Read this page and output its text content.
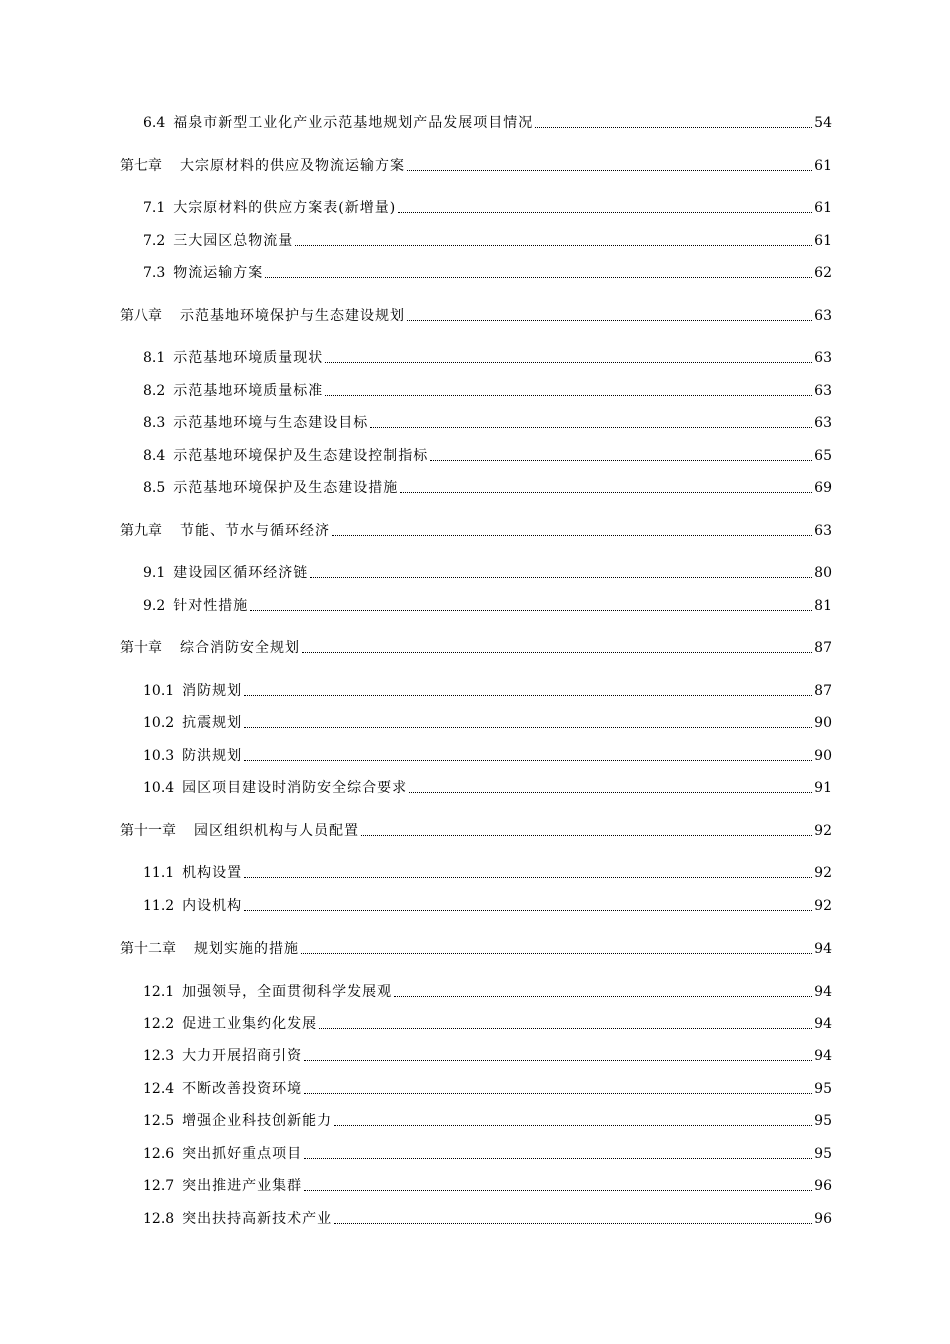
6.4 福泉市新型工业化产业示范基地规划产品发展项目情况	54
第七章 大宗原材料的供应及物流运输方案	61
7.1 大宗原材料的供应方案表(新增量)	61
7.2 三大园区总物流量	61
7.3 物流运输方案	62
第八章 示范基地环境保护与生态建设规划	63
8.1 示范基地环境质量现状	63
8.2 示范基地环境质量标准	63
8.3 示范基地环境与生态建设目标	63
8.4 示范基地环境保护及生态建设控制指标	65
8.5 示范基地环境保护及生态建设措施	69
第九章 节能、节水与循环经济	63
9.1 建设园区循环经济链	80
9.2 针对性措施	81
第十章 综合消防安全规划	87
10.1 消防规划	87
10.2 抗震规划	90
10.3 防洪规划	90
10.4 园区项目建设时消防安全综合要求	91
第十一章 园区组织机构与人员配置	92
11.1 机构设置	92
11.2 内设机构	92
第十二章 规划实施的措施	94
12.1 加强领导，全面贯彻科学发展观	94
12.2 促进工业集约化发展	94
12.3 大力开展招商引资	94
12.4 不断改善投资环境	95
12.5 增强企业科技创新能力	95
12.6 突出抓好重点项目	95
12.7 突出推进产业集群	96
12.8 突出扶持高新技术产业	96
